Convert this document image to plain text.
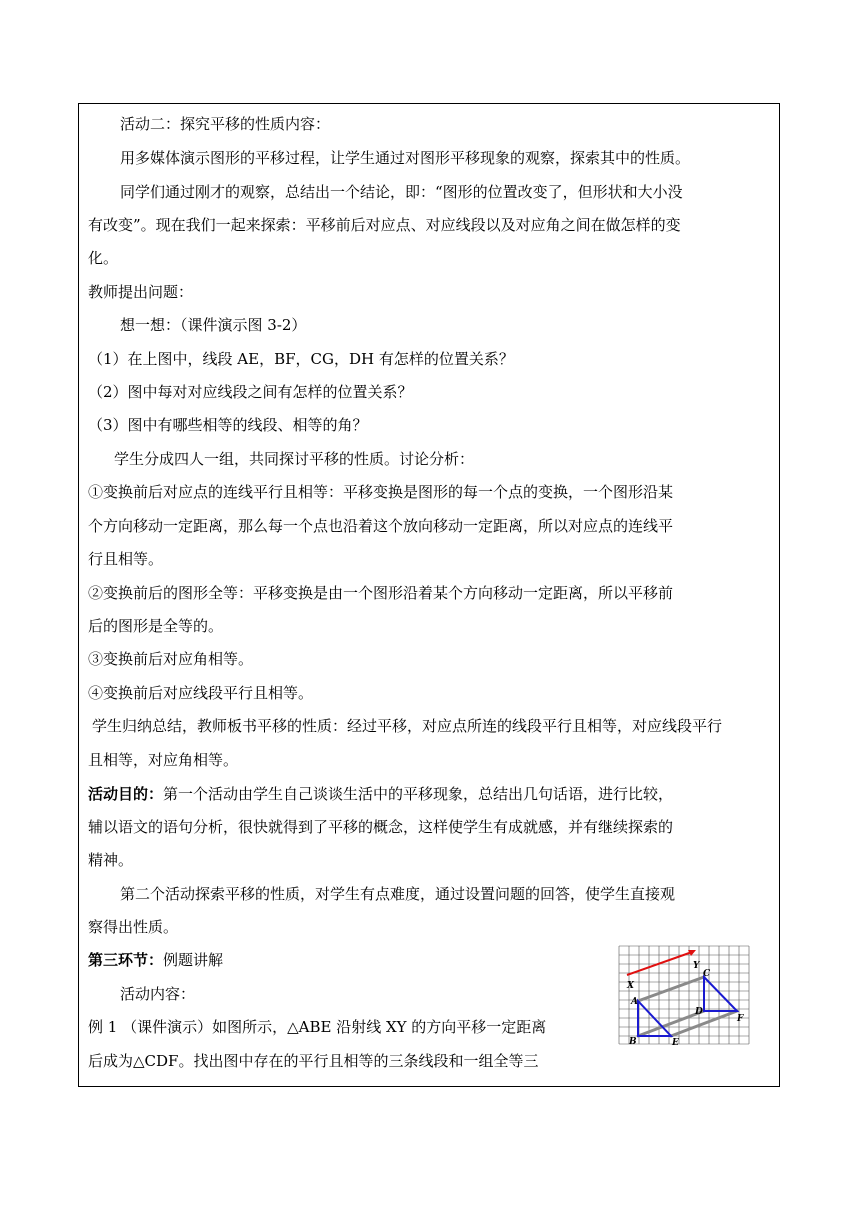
活动二：探究平移的性质内容：
用多媒体演示图形的平移过程，让学生通过对图形平移现象的观察，探索其中的性质。
同学们通过刚才的观察，总结出一个结论，即：“图形的位置改变了，但形状和大小没
有改变”。现在我们一起来探索：平移前后对应点、对应线段以及对应角之间在做怎样的变
化。
教师提出问题：
想一想：（课件演示图 3-2）
（1）在上图中，线段 AE，BF，CG，DH 有怎样的位置关系？
（2）图中每对对应线段之间有怎样的位置关系？
（3）图中有哪些相等的线段、相等的角？
学生分成四人一组，共同探讨平移的性质。讨论分析：
①变换前后对应点的连线平行且相等：平移变换是图形的每一个点的变换，一个图形沿某
个方向移动一定距离，那么每一个点也沿着这个放向移动一定距离，所以对应点的连线平
行且相等。
②变换前后的图形全等：平移变换是由一个图形沿着某个方向移动一定距离，所以平移前
后的图形是全等的。
③变换前后对应角相等。
④变换前后对应线段平行且相等。
学生归纳总结，教师板书平移的性质：经过平移，对应点所连的线段平行且相等，对应线段平行
且相等，对应角相等。
活动目的：第一个活动由学生自己谈谈生活中的平移现象，总结出几句话语，进行比较，
辅以语文的语句分析，很快就得到了平移的概念，这样使学生有成就感，并有继续探索的
精神。
第二个活动探索平移的性质，对学生有点难度，通过设置问题的回答，使学生直接观
察得出性质。
第三环节：例题讲解
活动内容：
例 1 （课件演示）如图所示，△ABE 沿射线 XY 的方向平移一定距离
后成为△CDF。找出图中存在的平行且相等的三条线段和一组全等三
X
Y
A
B
C
D
E
F
